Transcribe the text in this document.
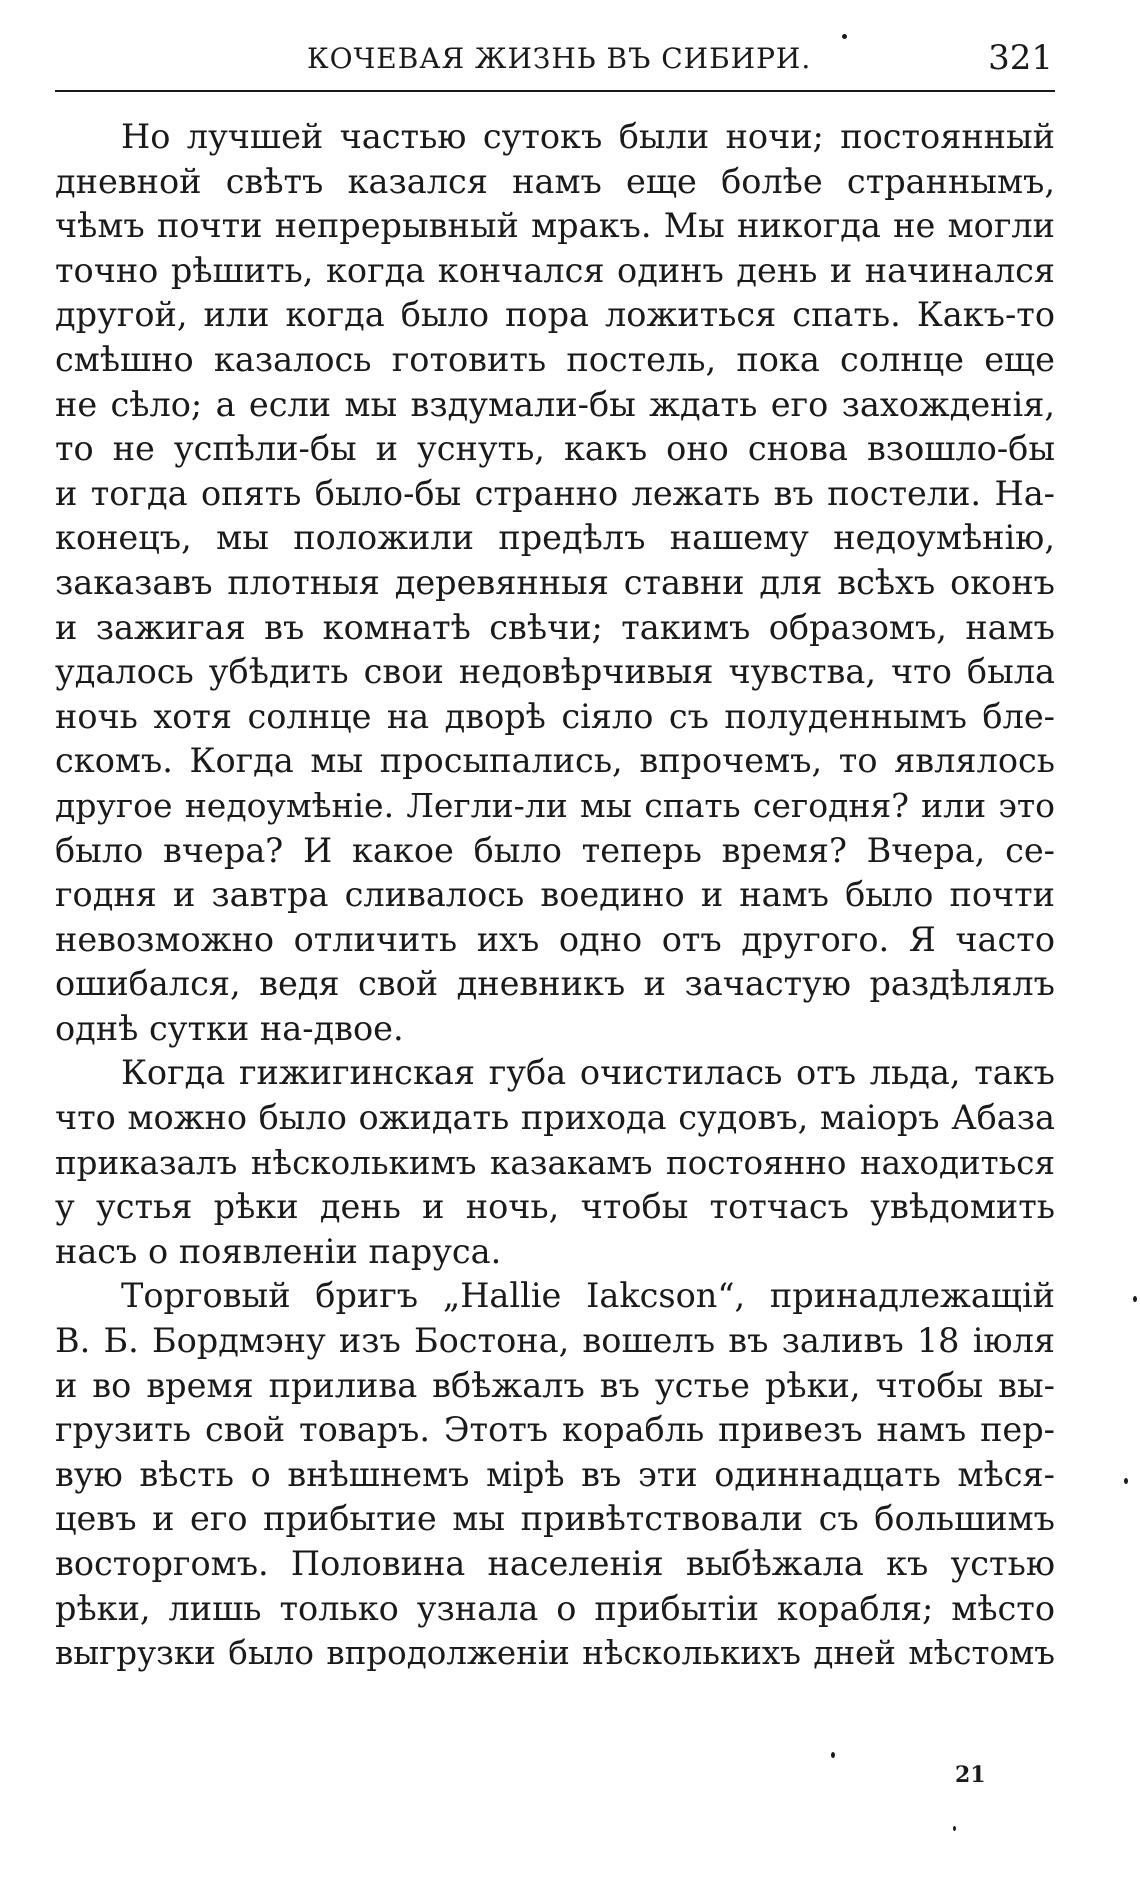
КОЧЕВАЯ ЖИЗНЬ ВЪ СИБИРИ.	321
Но лучшей частью сутокъ были ночи; постоянный
дневной свѣтъ казался намъ еще болѣе страннымъ,
чѣмъ почти непрерывный мракъ. Мы никогда не могли
точно рѣшить, когда кончался одинъ день и начинался
другой, или когда было пора ложиться спать. Какъ-то
смѣшно казалось готовить постель, пока солнце еще
не сѣло; а если мы вздумали-бы ждать его захожденія,
то не успѣли-бы и уснуть, какъ оно снова взошло-бы
и тогда опять было-бы странно лежать въ постели. На-
конецъ, мы положили предѣлъ нашему недоумѣнію,
заказавъ плотныя деревянныя ставни для всѣхъ оконъ
и зажигая въ комнатѣ свѣчи; такимъ образомъ, намъ
удалось убѣдить свои недовѣрчивыя чувства, что была
ночь хотя солнце на дворѣ сіяло съ полуденнымъ бле-
скомъ. Когда мы просыпались, впрочемъ, то являлось
другое недоумѣніе. Легли-ли мы спать сегодня? или это
было вчера? И какое было теперь время? Вчера, се-
годня и завтра сливалось воедино и намъ было почти
невозможно отличить ихъ одно отъ другого. Я часто
ошибался, ведя свой дневникъ и зачастую раздѣлялъ
однѣ сутки на-двое.
Когда гижигинская губа очистилась отъ льда, такъ
что можно было ожидать прихода судовъ, маіоръ Абаза
приказалъ нѣсколькимъ казакамъ постоянно находиться
у устья рѣки день и ночь, чтобы тотчасъ увѣдомить
насъ о появленіи паруса.
Торговый бригъ „Hallie Iakcson“, принадлежащій
В. Б. Бордмэну изъ Бостона, вошелъ въ заливъ 18 іюля
и во время прилива вбѣжалъ въ устье рѣки, чтобы вы-
грузить свой товаръ. Этотъ корабль привезъ намъ пер-
вую вѣсть о внѣшнемъ мірѣ въ эти одиннадцать мѣся-
цевъ и его прибытие мы привѣтствовали съ большимъ
восторгомъ. Половина населенія выбѣжала къ устью
рѣки, лишь только узнала о прибытіи корабля; мѣсто
выгрузки было впродолженіи нѣсколькихъ дней мѣстомъ
21
